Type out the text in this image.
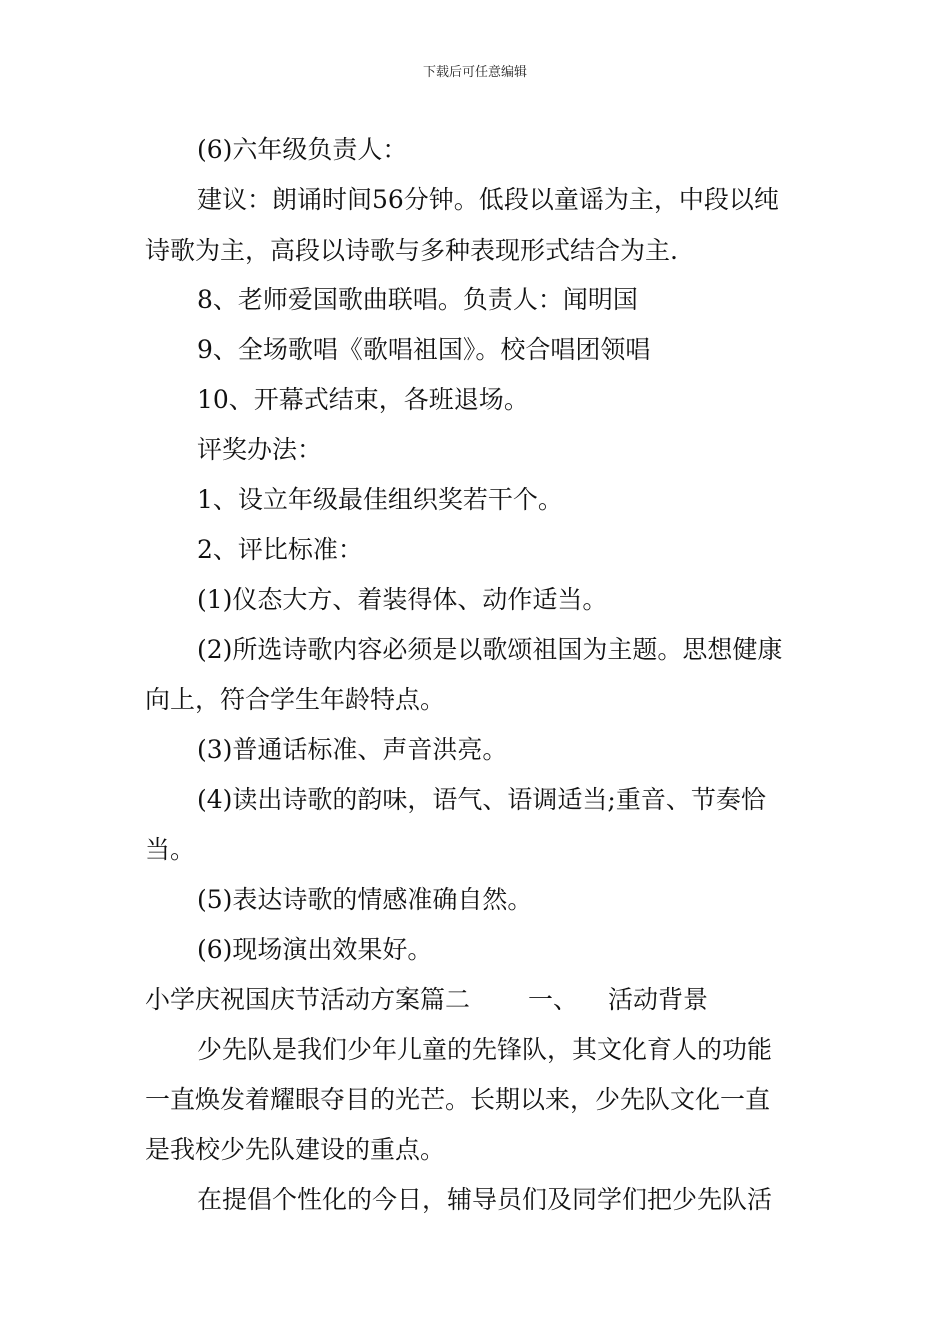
下载后可任意编辑
(6)六年级负责人：
建议：朗诵时间56分钟。低段以童谣为主，中段以纯
诗歌为主，高段以诗歌与多种表现形式结合为主.
8、老师爱国歌曲联唱。负责人：闻明国
9、全场歌唱《歌唱祖国》。校合唱团领唱
10、开幕式结束，各班退场。
评奖办法：
1、设立年级最佳组织奖若干个。
2、评比标准：
(1)仪态大方、着装得体、动作适当。
(2)所选诗歌内容必须是以歌颂祖国为主题。思想健康
向上，符合学生年龄特点。
(3)普通话标准、声音洪亮。
(4)读出诗歌的韵味，语气、语调适当;重音、节奏恰
当。
(5)表达诗歌的情感准确自然。
(6)现场演出效果好。
小学庆祝国庆节活动方案篇二 一、 活动背景
少先队是我们少年儿童的先锋队，其文化育人的功能
一直焕发着耀眼夺目的光芒。长期以来，少先队文化一直
是我校少先队建设的重点。
在提倡个性化的今日，辅导员们及同学们把少先队活
